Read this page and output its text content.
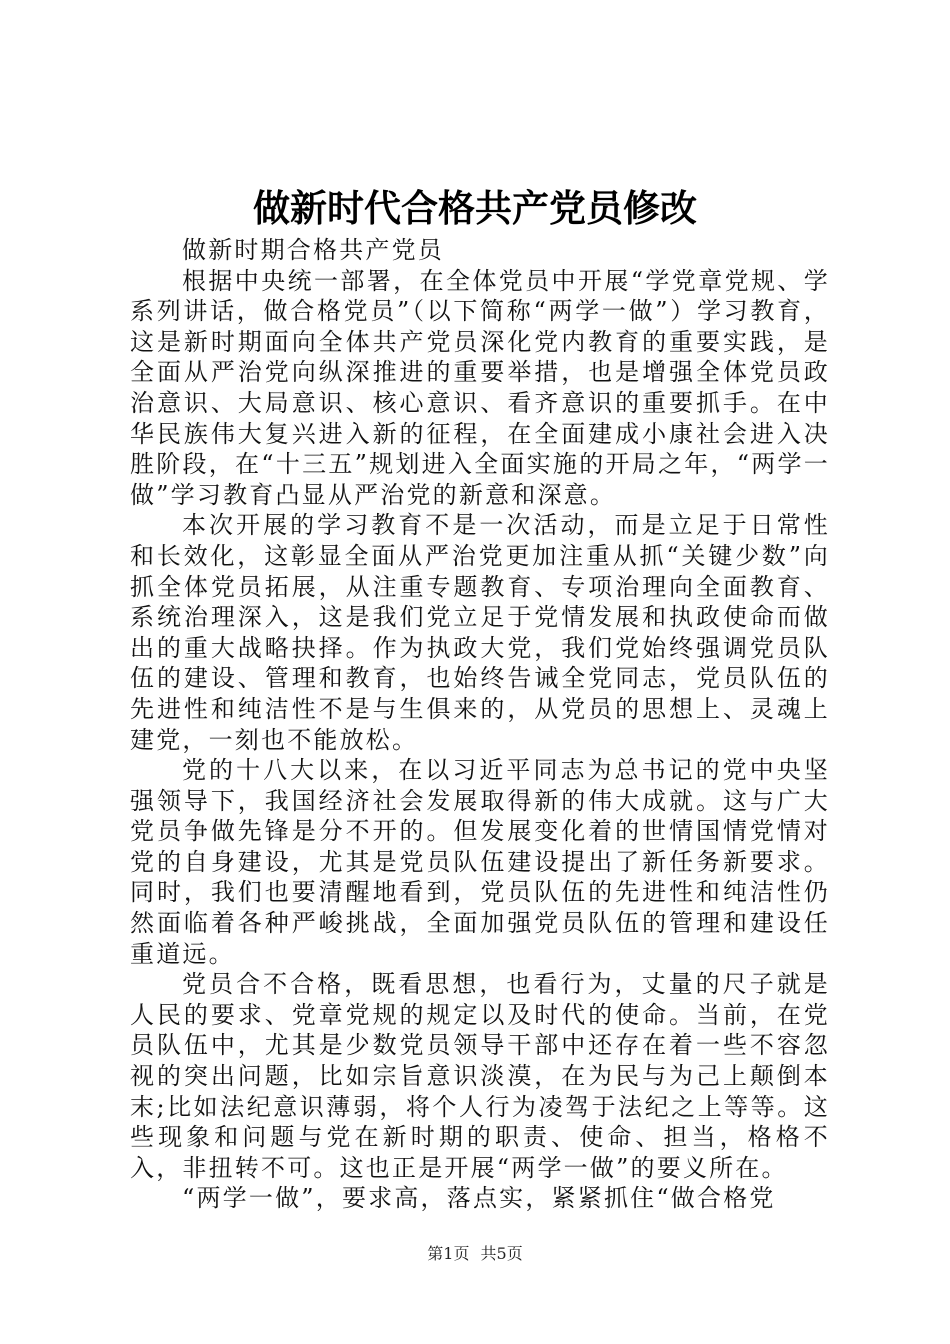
做新时代合格共产党员修改

做新时期合格共产党员

根据中央统一部署，在全体党员中开展“学党章党规、学系列讲话，做合格党员”（以下简称“两学一做”）学习教育，这是新时期面向全体共产党员深化党内教育的重要实践，是全面从严治党向纵深推进的重要举措，也是增强全体党员政治意识、大局意识、核心意识、看齐意识的重要抓手。在中华民族伟大复兴进入新的征程，在全面建成小康社会进入决胜阶段，在“十三五”规划进入全面实施的开局之年，“两学一做”学习教育凸显从严治党的新意和深意。

本次开展的学习教育不是一次活动，而是立足于日常性和长效化，这彰显全面从严治党更加注重从抓“关键少数”向抓全体党员拓展，从注重专题教育、专项治理向全面教育、系统治理深入，这是我们党立足于党情发展和执政使命而做出的重大战略抉择。作为执政大党，我们党始终强调党员队伍的建设、管理和教育，也始终告诫全党同志，党员队伍的先进性和纯洁性不是与生俱来的，从党员的思想上、灵魂上建党，一刻也不能放松。

党的十八大以来，在以习近平同志为总书记的党中央坚强领导下，我国经济社会发展取得新的伟大成就。这与广大党员争做先锋是分不开的。但发展变化着的世情国情党情对党的自身建设，尤其是党员队伍建设提出了新任务新要求。同时，我们也要清醒地看到，党员队伍的先进性和纯洁性仍然面临着各种严峻挑战，全面加强党员队伍的管理和建设任重道远。

党员合不合格，既看思想，也看行为，丈量的尺子就是人民的要求、党章党规的规定以及时代的使命。当前，在党员队伍中，尤其是少数党员领导干部中还存在着一些不容忽视的突出问题，比如宗旨意识淡漠，在为民与为己上颠倒本末;比如法纪意识薄弱，将个人行为凌驾于法纪之上等等。这些现象和问题与党在新时期的职责、使命、担当，格格不入，非扭转不可。这也正是开展“两学一做”的要义所在。

“两学一做”，要求高，落点实，紧紧抓住“做合格党

第1页 共5页
